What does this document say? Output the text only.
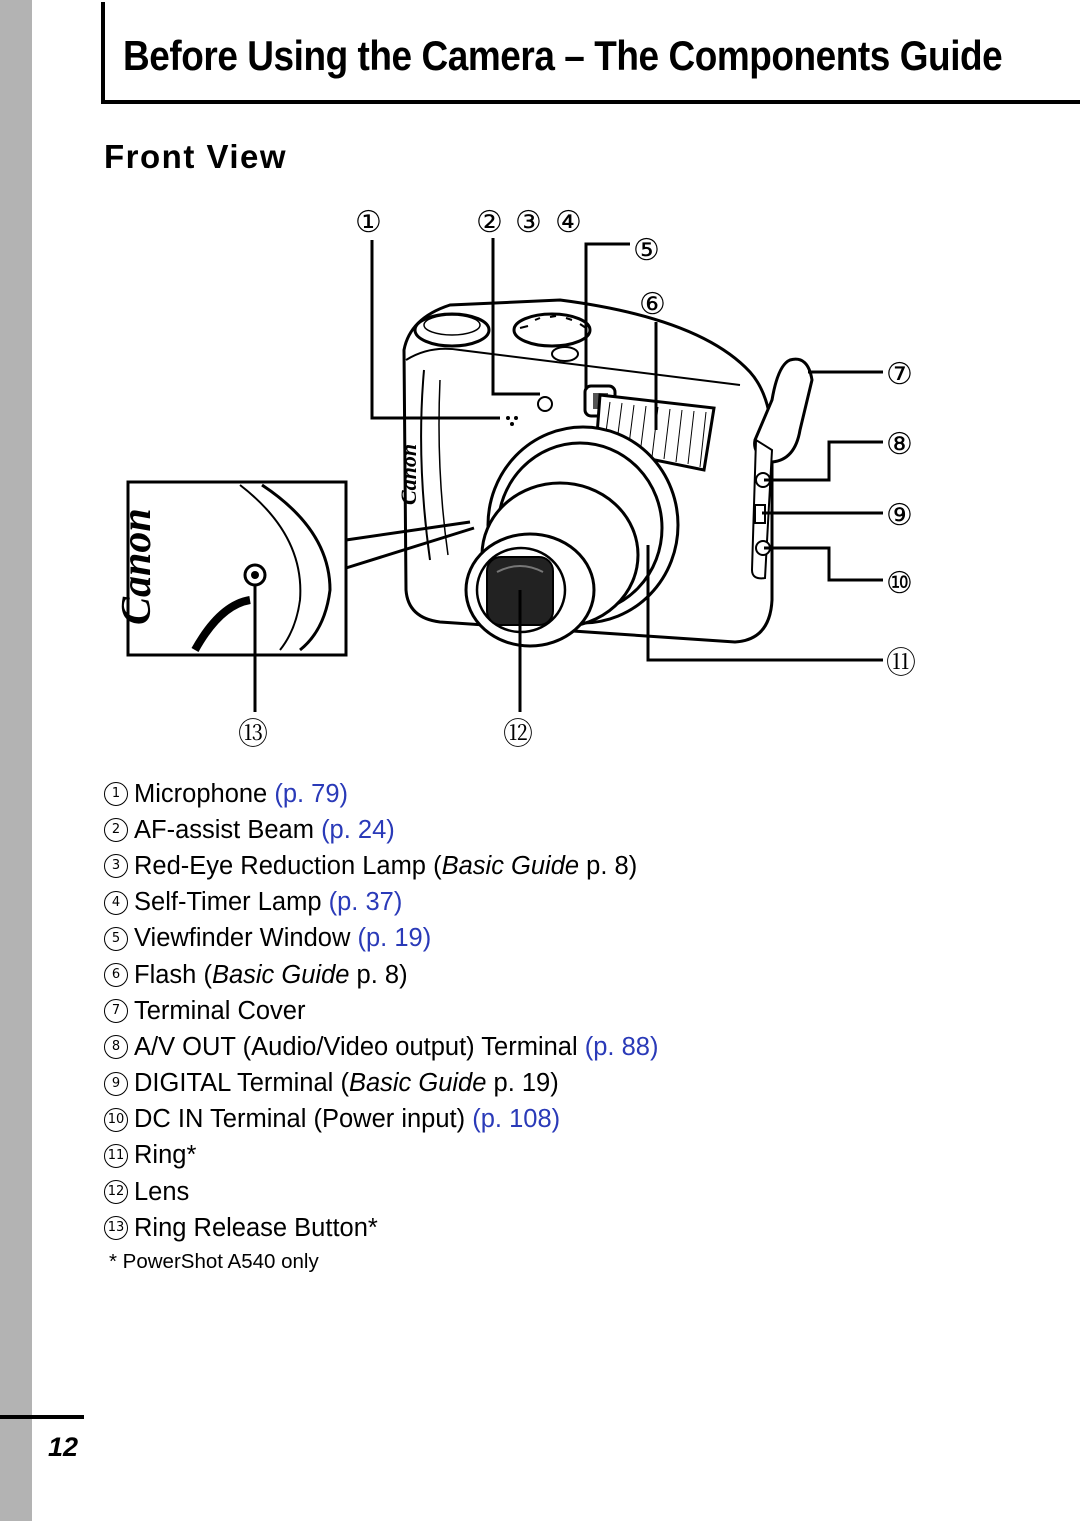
Before Using the Camera – The Components Guide
Front View
Canon
Canon
①	② ③ ④
⑤
⑥
⑦
⑧
⑨
⑩
⑪
⑫
⑬
1 Microphone
(p. 79)
2 AF-assist Beam
(p. 24)
3 Red-Eye Reduction Lamp
( Basic Guide p. 8)
4 Self-Timer Lamp
(p. 37)
5 Viewfinder Window
(p. 19)
6 Flash
( Basic Guide p. 8)
7 Terminal Cover
8 A/V OUT (Audio/Video output) Terminal
(p. 88)
9 DIGITAL Terminal
( Basic Guide p. 19)
10 DC IN Terminal (Power input)
(p. 108)
11 Ring*
12 Lens
13 Ring Release Button*
* PowerShot A540 only
12
